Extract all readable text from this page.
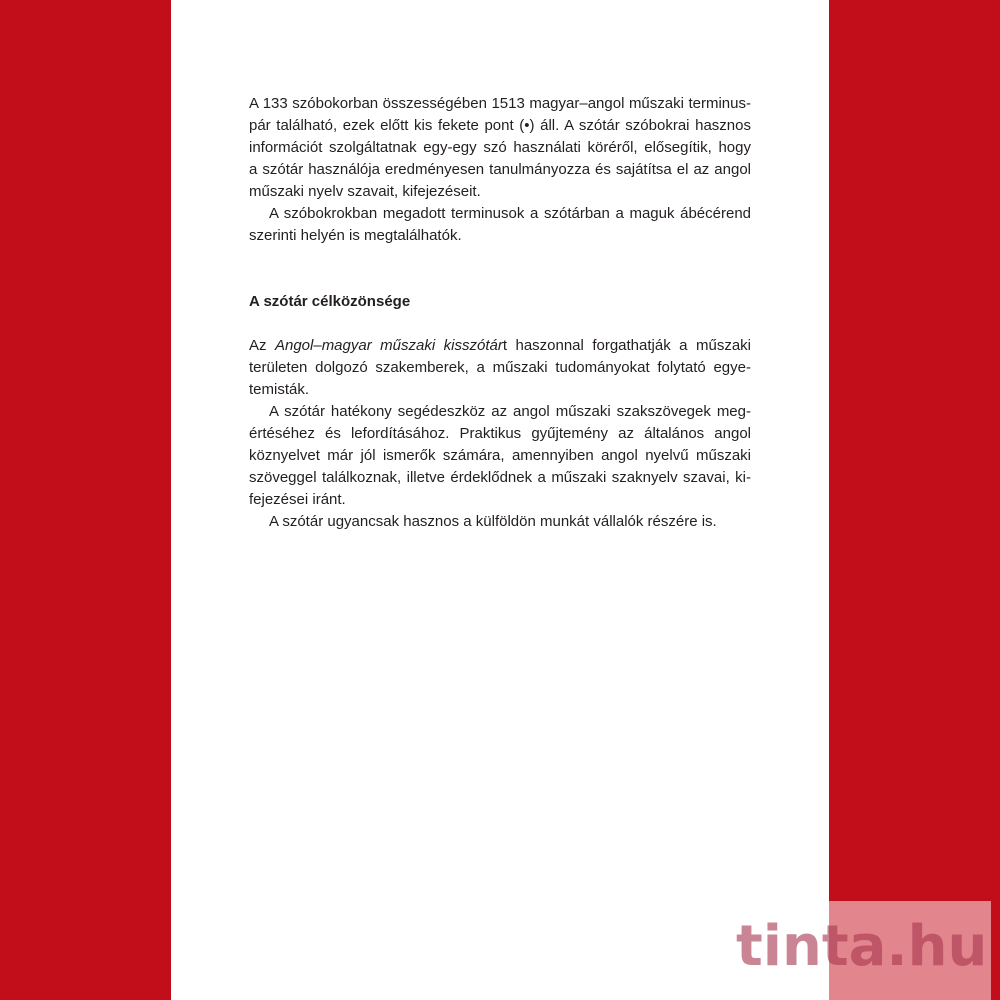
A 133 szóbokorban összességében 1513 magyar–angol műszaki terminus-
pár található, ezek előtt kis fekete pont (•) áll. A szótár szóbokrai hasznos
információt szolgáltatnak egy-egy szó használati köréről, elősegítik, hogy
a szótár használója eredményesen tanulmányozza és sajátítsa el az angol
műszaki nyelv szavait, kifejezéseit.
A szóbokrokban megadott terminusok a szótárban a maguk ábécérend
szerinti helyén is megtalálhatók.
A szótár célközönsége
Az Angol–magyar műszaki kisszótárt haszonnal forgathatják a műszaki
területen dolgozó szakemberek, a műszaki tudományokat folytató egye-
temisták.
A szótár hatékony segédeszköz az angol műszaki szakszövegek meg-
értéséhez és lefordításához. Praktikus gyűjtemény az általános angol
köznyelvet már jól ismerők számára, amennyiben angol nyelvű műszaki
szöveggel találkoznak, illetve érdeklődnek a műszaki szaknyelv szavai, ki-
fejezései iránt.
A szótár ugyancsak hasznos a külföldön munkát vállalók részére is.
tinta.hu
